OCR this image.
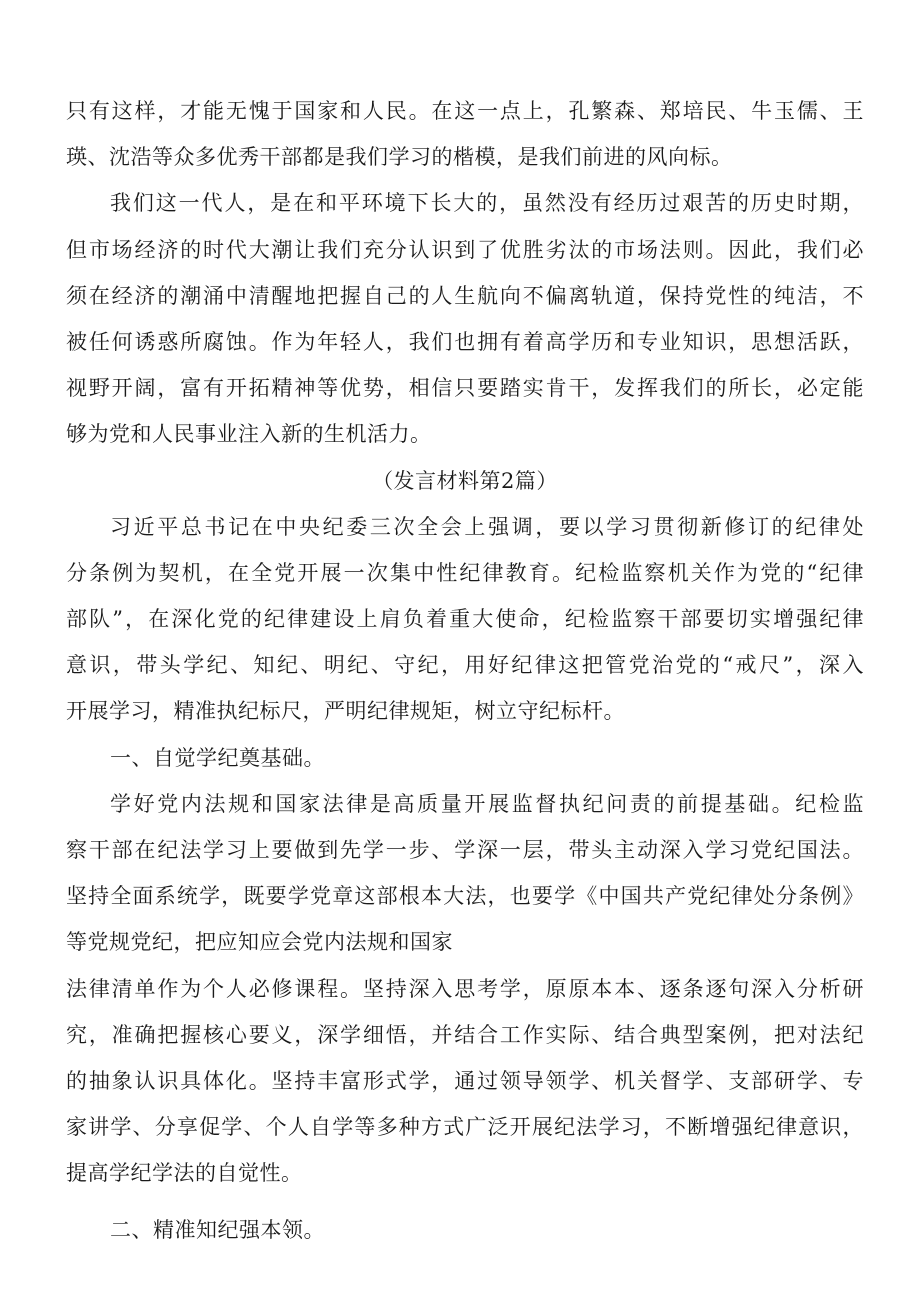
只有这样，才能无愧于国家和人民。在这一点上，孔繁森、郑培民、牛玉儒、王
瑛、沈浩等众多优秀干部都是我们学习的楷模，是我们前进的风向标。
我们这一代人，是在和平环境下长大的，虽然没有经历过艰苦的历史时期，
但市场经济的时代大潮让我们充分认识到了优胜劣汰的市场法则。因此，我们必
须在经济的潮涌中清醒地把握自己的人生航向不偏离轨道，保持党性的纯洁，不
被任何诱惑所腐蚀。作为年轻人，我们也拥有着高学历和专业知识，思想活跃，
视野开阔，富有开拓精神等优势，相信只要踏实肯干，发挥我们的所长，必定能
够为党和人民事业注入新的生机活力。
（发言材料第2篇）
习近平总书记在中央纪委三次全会上强调，要以学习贯彻新修订的纪律处
分条例为契机，在全党开展一次集中性纪律教育。纪检监察机关作为党的“纪律
部队”，在深化党的纪律建设上肩负着重大使命，纪检监察干部要切实增强纪律
意识，带头学纪、知纪、明纪、守纪，用好纪律这把管党治党的“戒尺”，深入
开展学习，精准执纪标尺，严明纪律规矩，树立守纪标杆。
一、自觉学纪奠基础。
学好党内法规和国家法律是高质量开展监督执纪问责的前提基础。纪检监
察干部在纪法学习上要做到先学一步、学深一层，带头主动深入学习党纪国法。
坚持全面系统学，既要学党章这部根本大法，也要学《中国共产党纪律处分条例》
等党规党纪，把应知应会党内法规和国家
法律清单作为个人必修课程。坚持深入思考学，原原本本、逐条逐句深入分析研
究，准确把握核心要义，深学细悟，并结合工作实际、结合典型案例，把对法纪
的抽象认识具体化。坚持丰富形式学，通过领导领学、机关督学、支部研学、专
家讲学、分享促学、个人自学等多种方式广泛开展纪法学习，不断增强纪律意识，
提高学纪学法的自觉性。
二、精准知纪强本领。
